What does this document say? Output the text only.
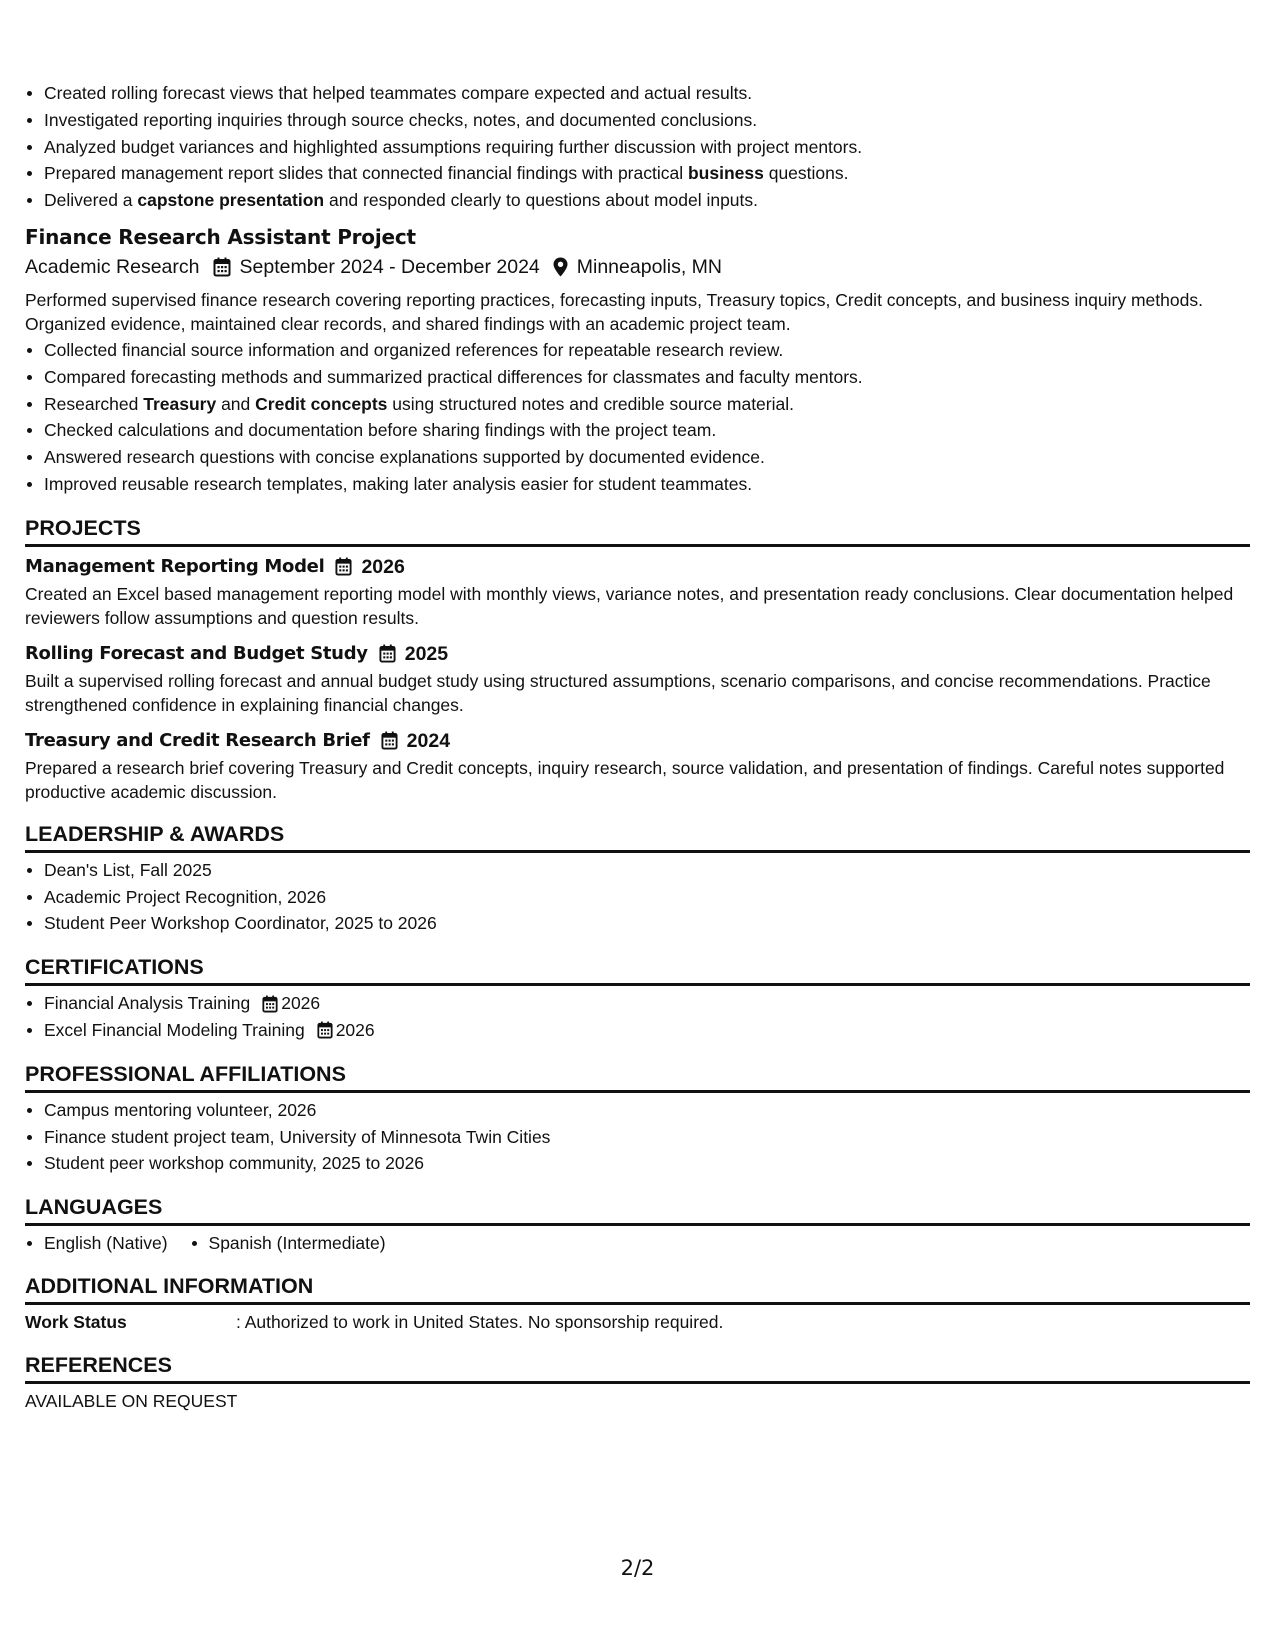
Created rolling forecast views that helped teammates compare expected and actual results.
Investigated reporting inquiries through source checks, notes, and documented conclusions.
Analyzed budget variances and highlighted assumptions requiring further discussion with project mentors.
Prepared management report slides that connected financial findings with practical business questions.
Delivered a capstone presentation and responded clearly to questions about model inputs.
Finance Research Assistant Project
Academic Research September 2024 - December 2024 Minneapolis, MN
Performed supervised finance research covering reporting practices, forecasting inputs, Treasury topics, Credit concepts, and business inquiry methods. Organized evidence, maintained clear records, and shared findings with an academic project team.
Collected financial source information and organized references for repeatable research review.
Compared forecasting methods and summarized practical differences for classmates and faculty mentors.
Researched Treasury and Credit concepts using structured notes and credible source material.
Checked calculations and documentation before sharing findings with the project team.
Answered research questions with concise explanations supported by documented evidence.
Improved reusable research templates, making later analysis easier for student teammates.
PROJECTS
Management Reporting Model 2026
Created an Excel based management reporting model with monthly views, variance notes, and presentation ready conclusions. Clear documentation helped reviewers follow assumptions and question results.
Rolling Forecast and Budget Study 2025
Built a supervised rolling forecast and annual budget study using structured assumptions, scenario comparisons, and concise recommendations. Practice strengthened confidence in explaining financial changes.
Treasury and Credit Research Brief 2024
Prepared a research brief covering Treasury and Credit concepts, inquiry research, source validation, and presentation of findings. Careful notes supported productive academic discussion.
LEADERSHIP & AWARDS
Dean's List, Fall 2025
Academic Project Recognition, 2026
Student Peer Workshop Coordinator, 2025 to 2026
CERTIFICATIONS
Financial Analysis Training 2026
Excel Financial Modeling Training 2026
PROFESSIONAL AFFILIATIONS
Campus mentoring volunteer, 2026
Finance student project team, University of Minnesota Twin Cities
Student peer workshop community, 2025 to 2026
LANGUAGES
English (Native)	Spanish (Intermediate)
ADDITIONAL INFORMATION
Work Status	: Authorized to work in United States. No sponsorship required.
REFERENCES
AVAILABLE ON REQUEST
2/2
